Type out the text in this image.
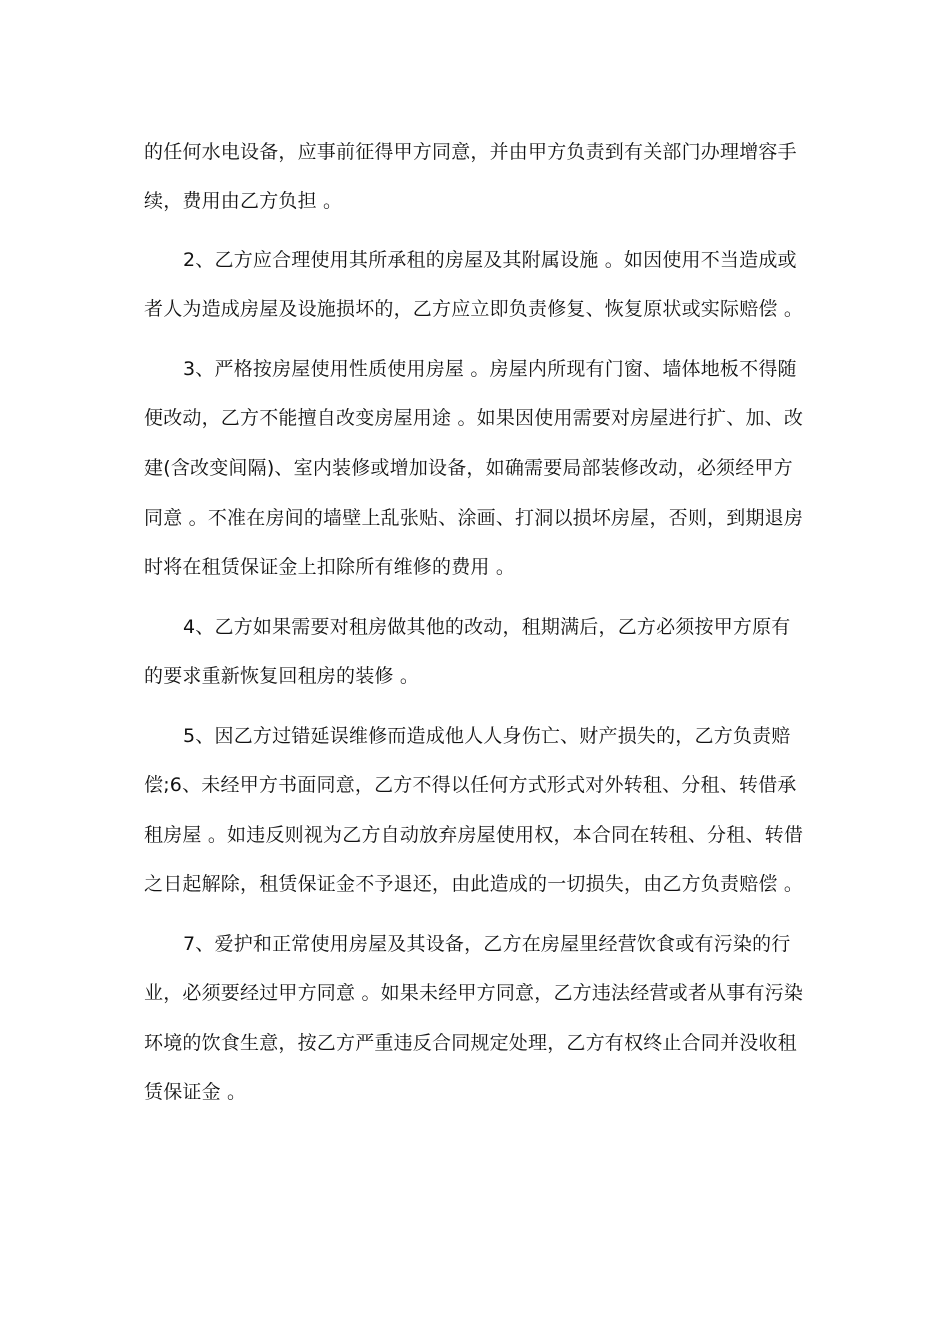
的任何水电设备，应事前征得甲方同意，并由甲方负责到有关部门办理增容手
续，费用由乙方负担 。
2、乙方应合理使用其所承租的房屋及其附属设施 。如因使用不当造成或
者人为造成房屋及设施损坏的，乙方应立即负责修复、恢复原状或实际赔偿 。
3、严格按房屋使用性质使用房屋 。房屋内所现有门窗、墙体地板不得随
便改动，乙方不能擅自改变房屋用途 。如果因使用需要对房屋进行扩、加、改
建(含改变间隔)、室内装修或增加设备，如确需要局部装修改动，必须经甲方
同意 。不准在房间的墙壁上乱张贴、涂画、打洞以损坏房屋，否则，到期退房
时将在租赁保证金上扣除所有维修的费用 。
4、乙方如果需要对租房做其他的改动，租期满后，乙方必须按甲方原有
的要求重新恢复回租房的装修 。
5、因乙方过错延误维修而造成他人人身伤亡、财产损失的，乙方负责赔
偿;6、未经甲方书面同意，乙方不得以任何方式形式对外转租、分租、转借承
租房屋 。如违反则视为乙方自动放弃房屋使用权，本合同在转租、分租、转借
之日起解除，租赁保证金不予退还，由此造成的一切损失，由乙方负责赔偿 。
7、爱护和正常使用房屋及其设备，乙方在房屋里经营饮食或有污染的行
业，必须要经过甲方同意 。如果未经甲方同意，乙方违法经营或者从事有污染
环境的饮食生意，按乙方严重违反合同规定处理，乙方有权终止合同并没收租
赁保证金 。
